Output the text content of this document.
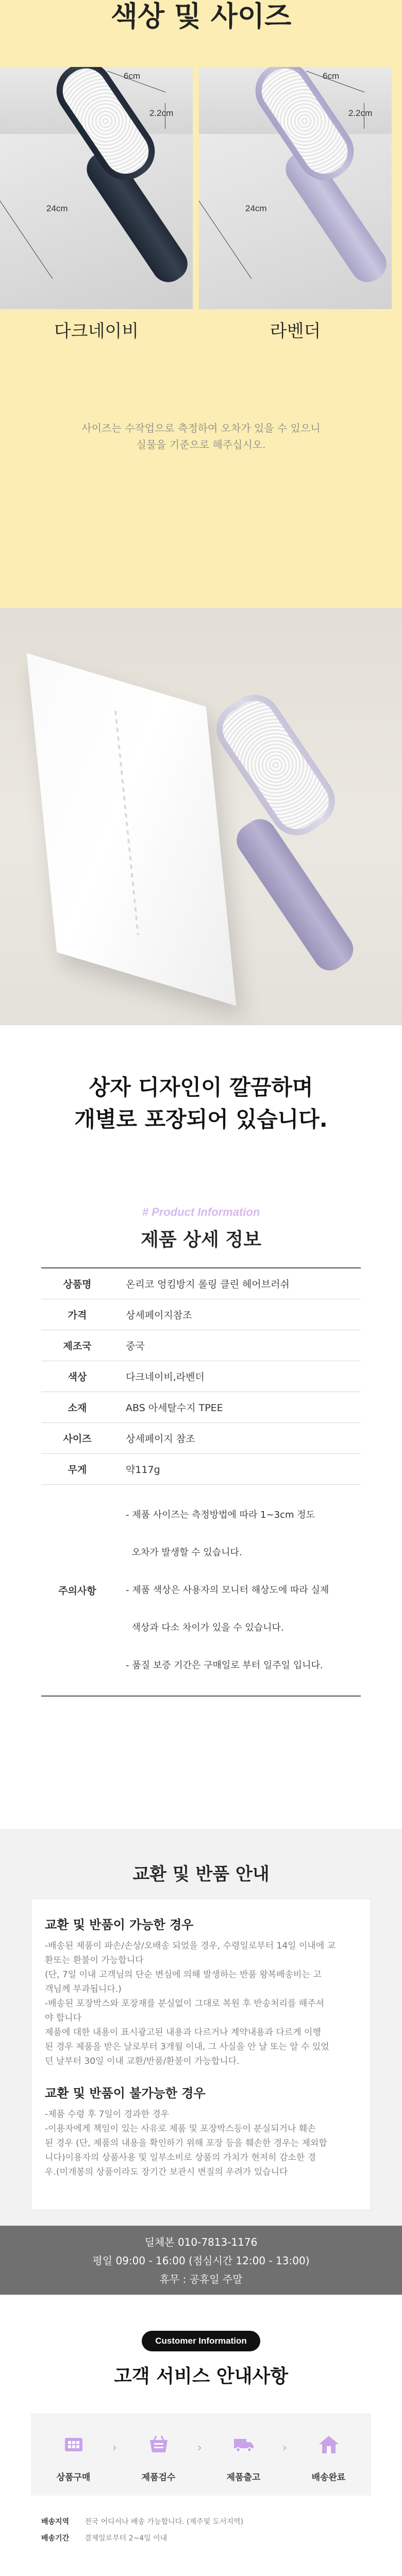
색상 및 사이즈
6cm
2.2cm
24cm
6cm
2.2cm
24cm
다크네이비	라벤더
사이즈는 수작업으로 측정하여 오차가 있을 수 있으니
실물을 기준으로 해주십시오.
상자 디자인이 깔끔하며
개별로 포장되어 있습니다.
# Product Information
제품 상세 정보
상품명	온리코 엉킴방지 롤링 클린 헤어브러쉬
가격	상세페이지참조
제조국	중국
색상	다크네이비,라벤더
소재	ABS 아세탈수지 TPEE
사이즈	상세페이지 참조
무게	약117g
주의사항	- 제품 사이즈는 측정방법에 따라 1~3cm 정도

오차가 발생할 수 있습니다.

- 제품 색상은 사용자의 모니터 해상도에 따라 실제

색상과 다소 차이가 있을 수 있습니다.

- 품질 보증 기간은 구매일로 부터 일주일 입니다.

교환 및 반품 안내
교환 및 반품이 가능한 경우
-배송된 제품이 파손/손상/오배송 되었을 경우, 수령일로부터 14일 이내에 교
환또는 환불이 가능합니다
(단, 7일 이내 고객님의 단순 변심에 의해 발생하는 반품 왕복배송비는 고
객님께 부과됩니다.)
-배송된 포장박스와 포장재를 분실없이 그대로 복원 후 반송처리를 해주셔
야 합니다
제품에 대한 내용이 표시광고된 내용과 다르거나 계약내용과 다르게 이행
된 경우 제품을 받은 날로부터 3개월 이내, 그 사실을 안 날 또는 알 수 있었
던 날부터 30일 이내 교환/반품/환불이 가능합니다.
교환 및 반품이 불가능한 경우
-제품 수령 후 7일이 경과한 경우
-이용자에게 책임이 있는 사유로 제품 및 포장박스등이 분실되거나 훼손
된 경우 (단, 제품의 내용을 확인하기 위해 포장 등을 훼손한 경우는 제외합
니다)이용자의 상품사용 및 일부소비로 상품의 가치가 현저히 감소한 경
우.(미개봉의 상품이라도 장기간 보관시 변질의 우려가 있습니다
딜체본 010-7813-1176
평일 09:00 - 16:00 (점심시간 12:00 - 13:00)
휴무 : 공휴일 주말
Customer Information
고객 서비스 안내사항
상품구매
›
제품검수
›
제품출고
›
배송완료
배송지역 전국 어디서나 배송 가능합니다. (제주및 도서지역)
배송기간 결제일로부터 2~4일 이내
